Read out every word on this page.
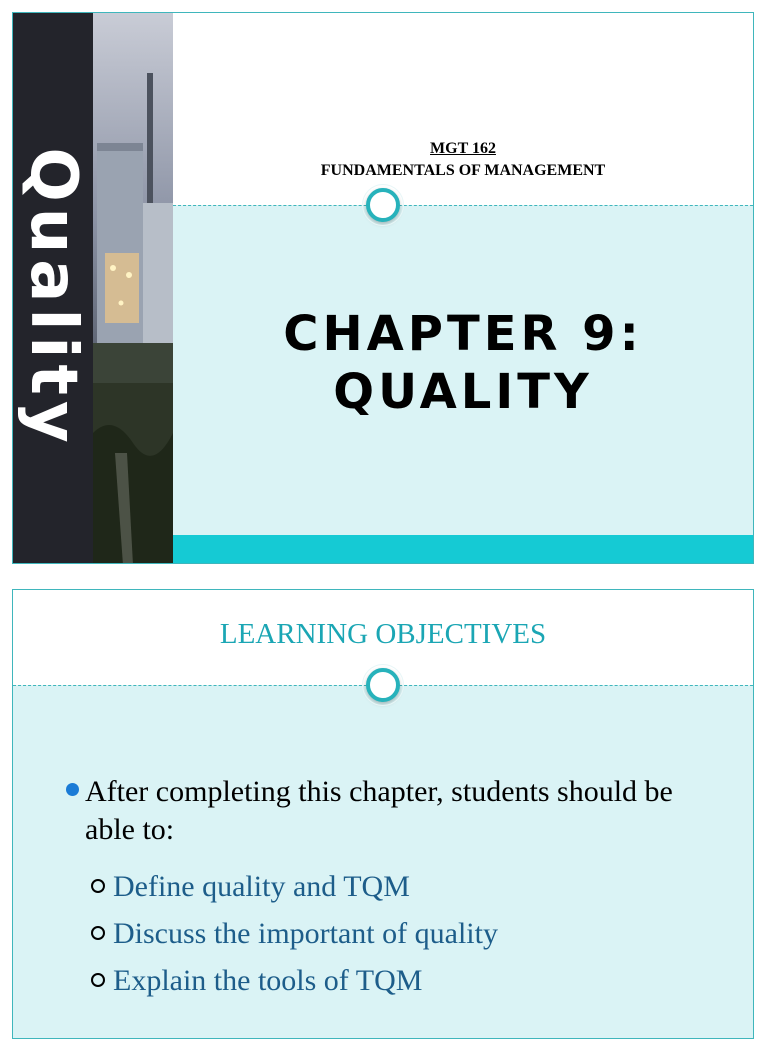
Quality	MGT 162
FUNDAMENTALS OF MANAGEMENT
CHAPTER 9:
QUALITY
LEARNING OBJECTIVES
After completing this chapter, students should be able to:
Define quality and TQM
Discuss the important of quality
Explain the tools of TQM
